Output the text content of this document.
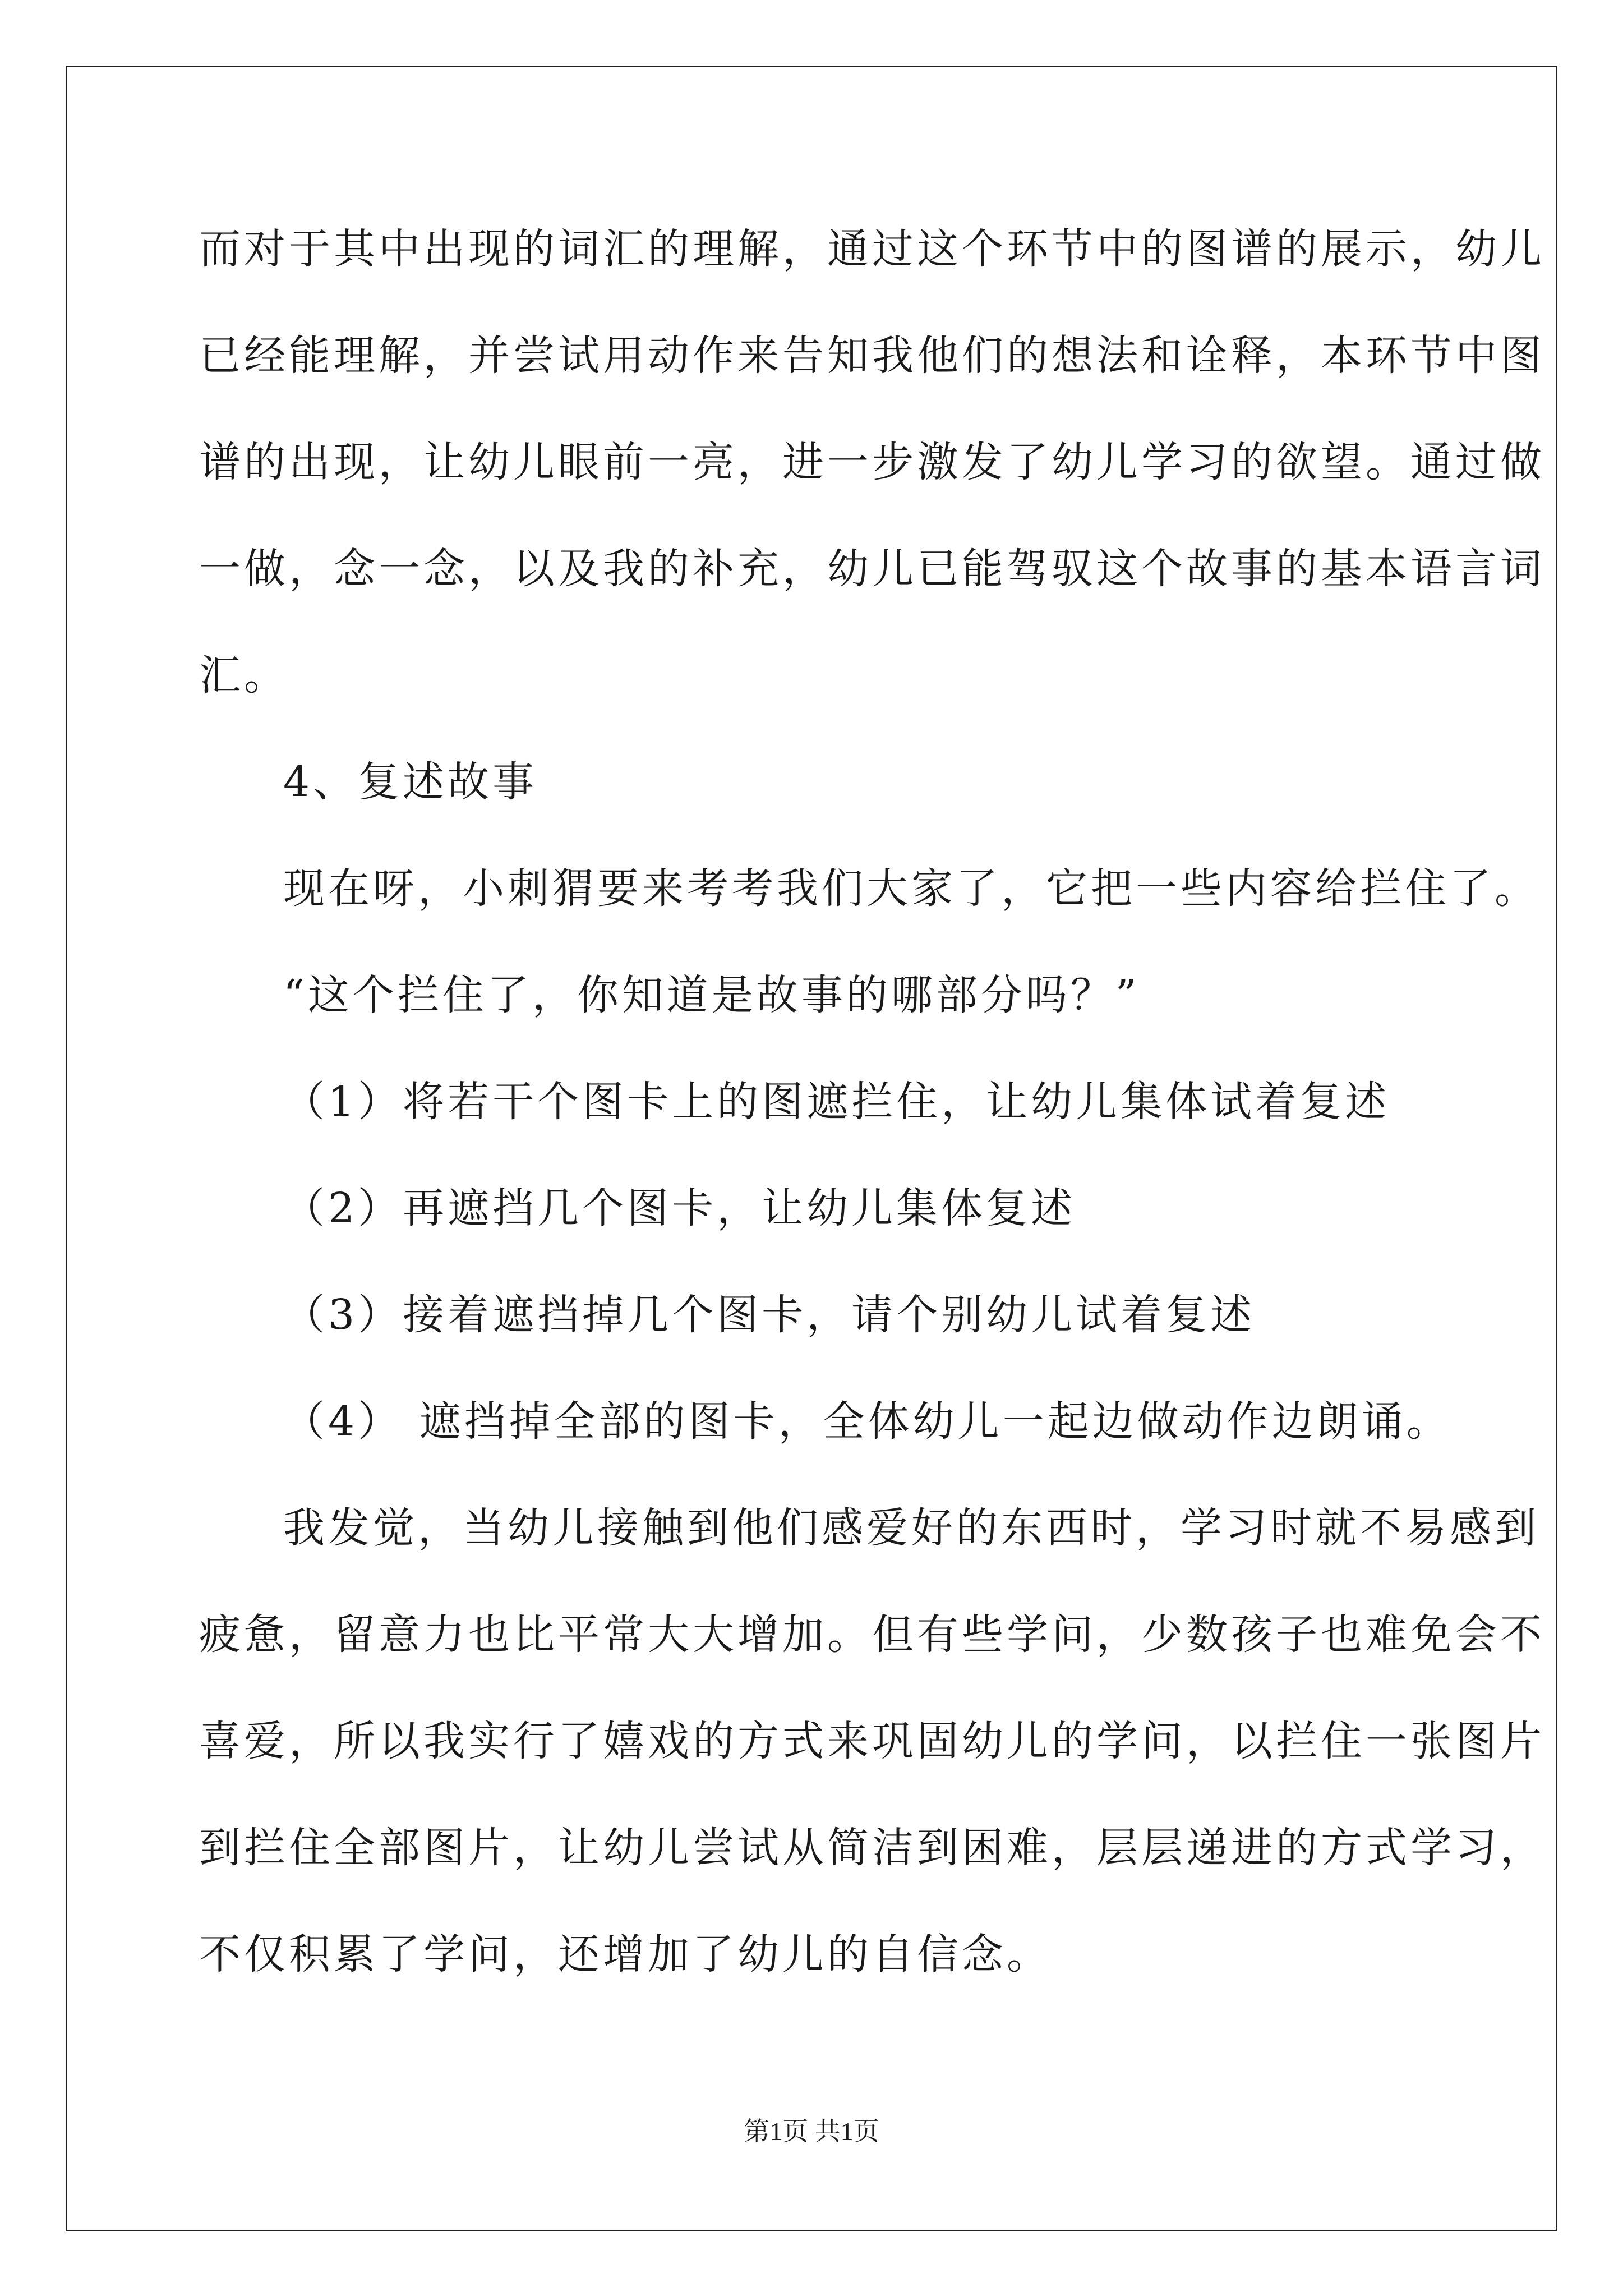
而对于其中出现的词汇的理解，通过这个环节中的图谱的展示，幼儿
已经能理解，并尝试用动作来告知我他们的想法和诠释，本环节中图
谱的出现，让幼儿眼前一亮，进一步激发了幼儿学习的欲望。通过做
一做，念一念，以及我的补充，幼儿已能驾驭这个故事的基本语言词
汇。
4、复述故事
现在呀，小刺猬要来考考我们大家了，它把一些内容给拦住了。
“这个拦住了，你知道是故事的哪部分吗？”
（1）将若干个图卡上的图遮拦住，让幼儿集体试着复述
（2）再遮挡几个图卡，让幼儿集体复述
（3）接着遮挡掉几个图卡，请个别幼儿试着复述
（4） 遮挡掉全部的图卡，全体幼儿一起边做动作边朗诵。
我发觉，当幼儿接触到他们感爱好的东西时，学习时就不易感到
疲惫，留意力也比平常大大增加。但有些学问，少数孩子也难免会不
喜爱，所以我实行了嬉戏的方式来巩固幼儿的学问，以拦住一张图片
到拦住全部图片，让幼儿尝试从简洁到困难，层层递进的方式学习，
不仅积累了学问，还增加了幼儿的自信念。
第1页 共1页
